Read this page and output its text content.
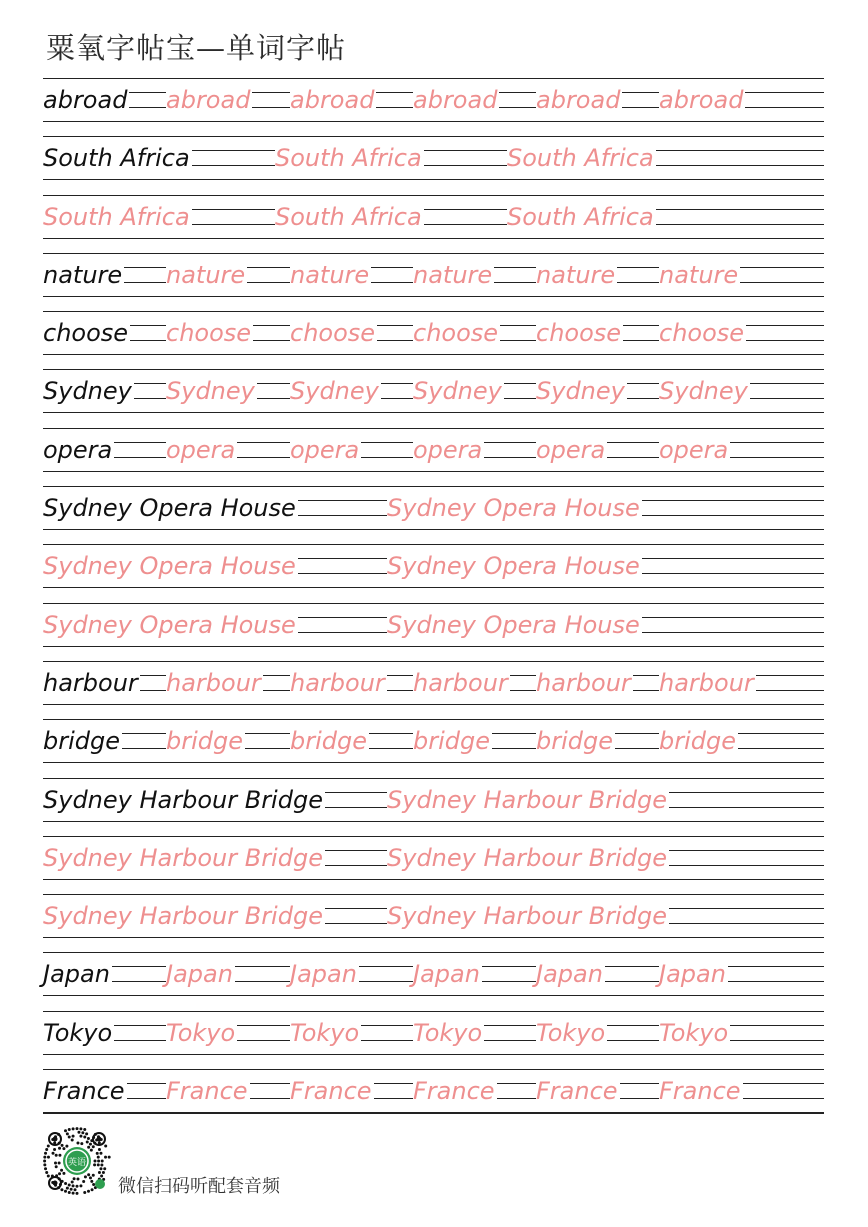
粟氧字帖宝—单词字帖
abroad abroad abroad abroad abroad abroad
South Africa	South Africa	South Africa
South Africa	South Africa	South Africa
nature nature nature nature nature nature
choose choose choose choose choose choose
Sydney Sydney Sydney Sydney Sydney Sydney
opera opera opera opera opera opera
Sydney Opera House	Sydney Opera House
Sydney Opera House	Sydney Opera House
Sydney Opera House	Sydney Opera House
harbour harbour harbour harbour harbour harbour
bridge bridge bridge bridge bridge bridge
Sydney Harbour Bridge	Sydney Harbour Bridge
Sydney Harbour Bridge	Sydney Harbour Bridge
Sydney Harbour Bridge	Sydney Harbour Bridge
Japan Japan Japan Japan Japan Japan
Tokyo Tokyo Tokyo Tokyo Tokyo Tokyo
France France France France France France
英语
微信扫码听配套音频
